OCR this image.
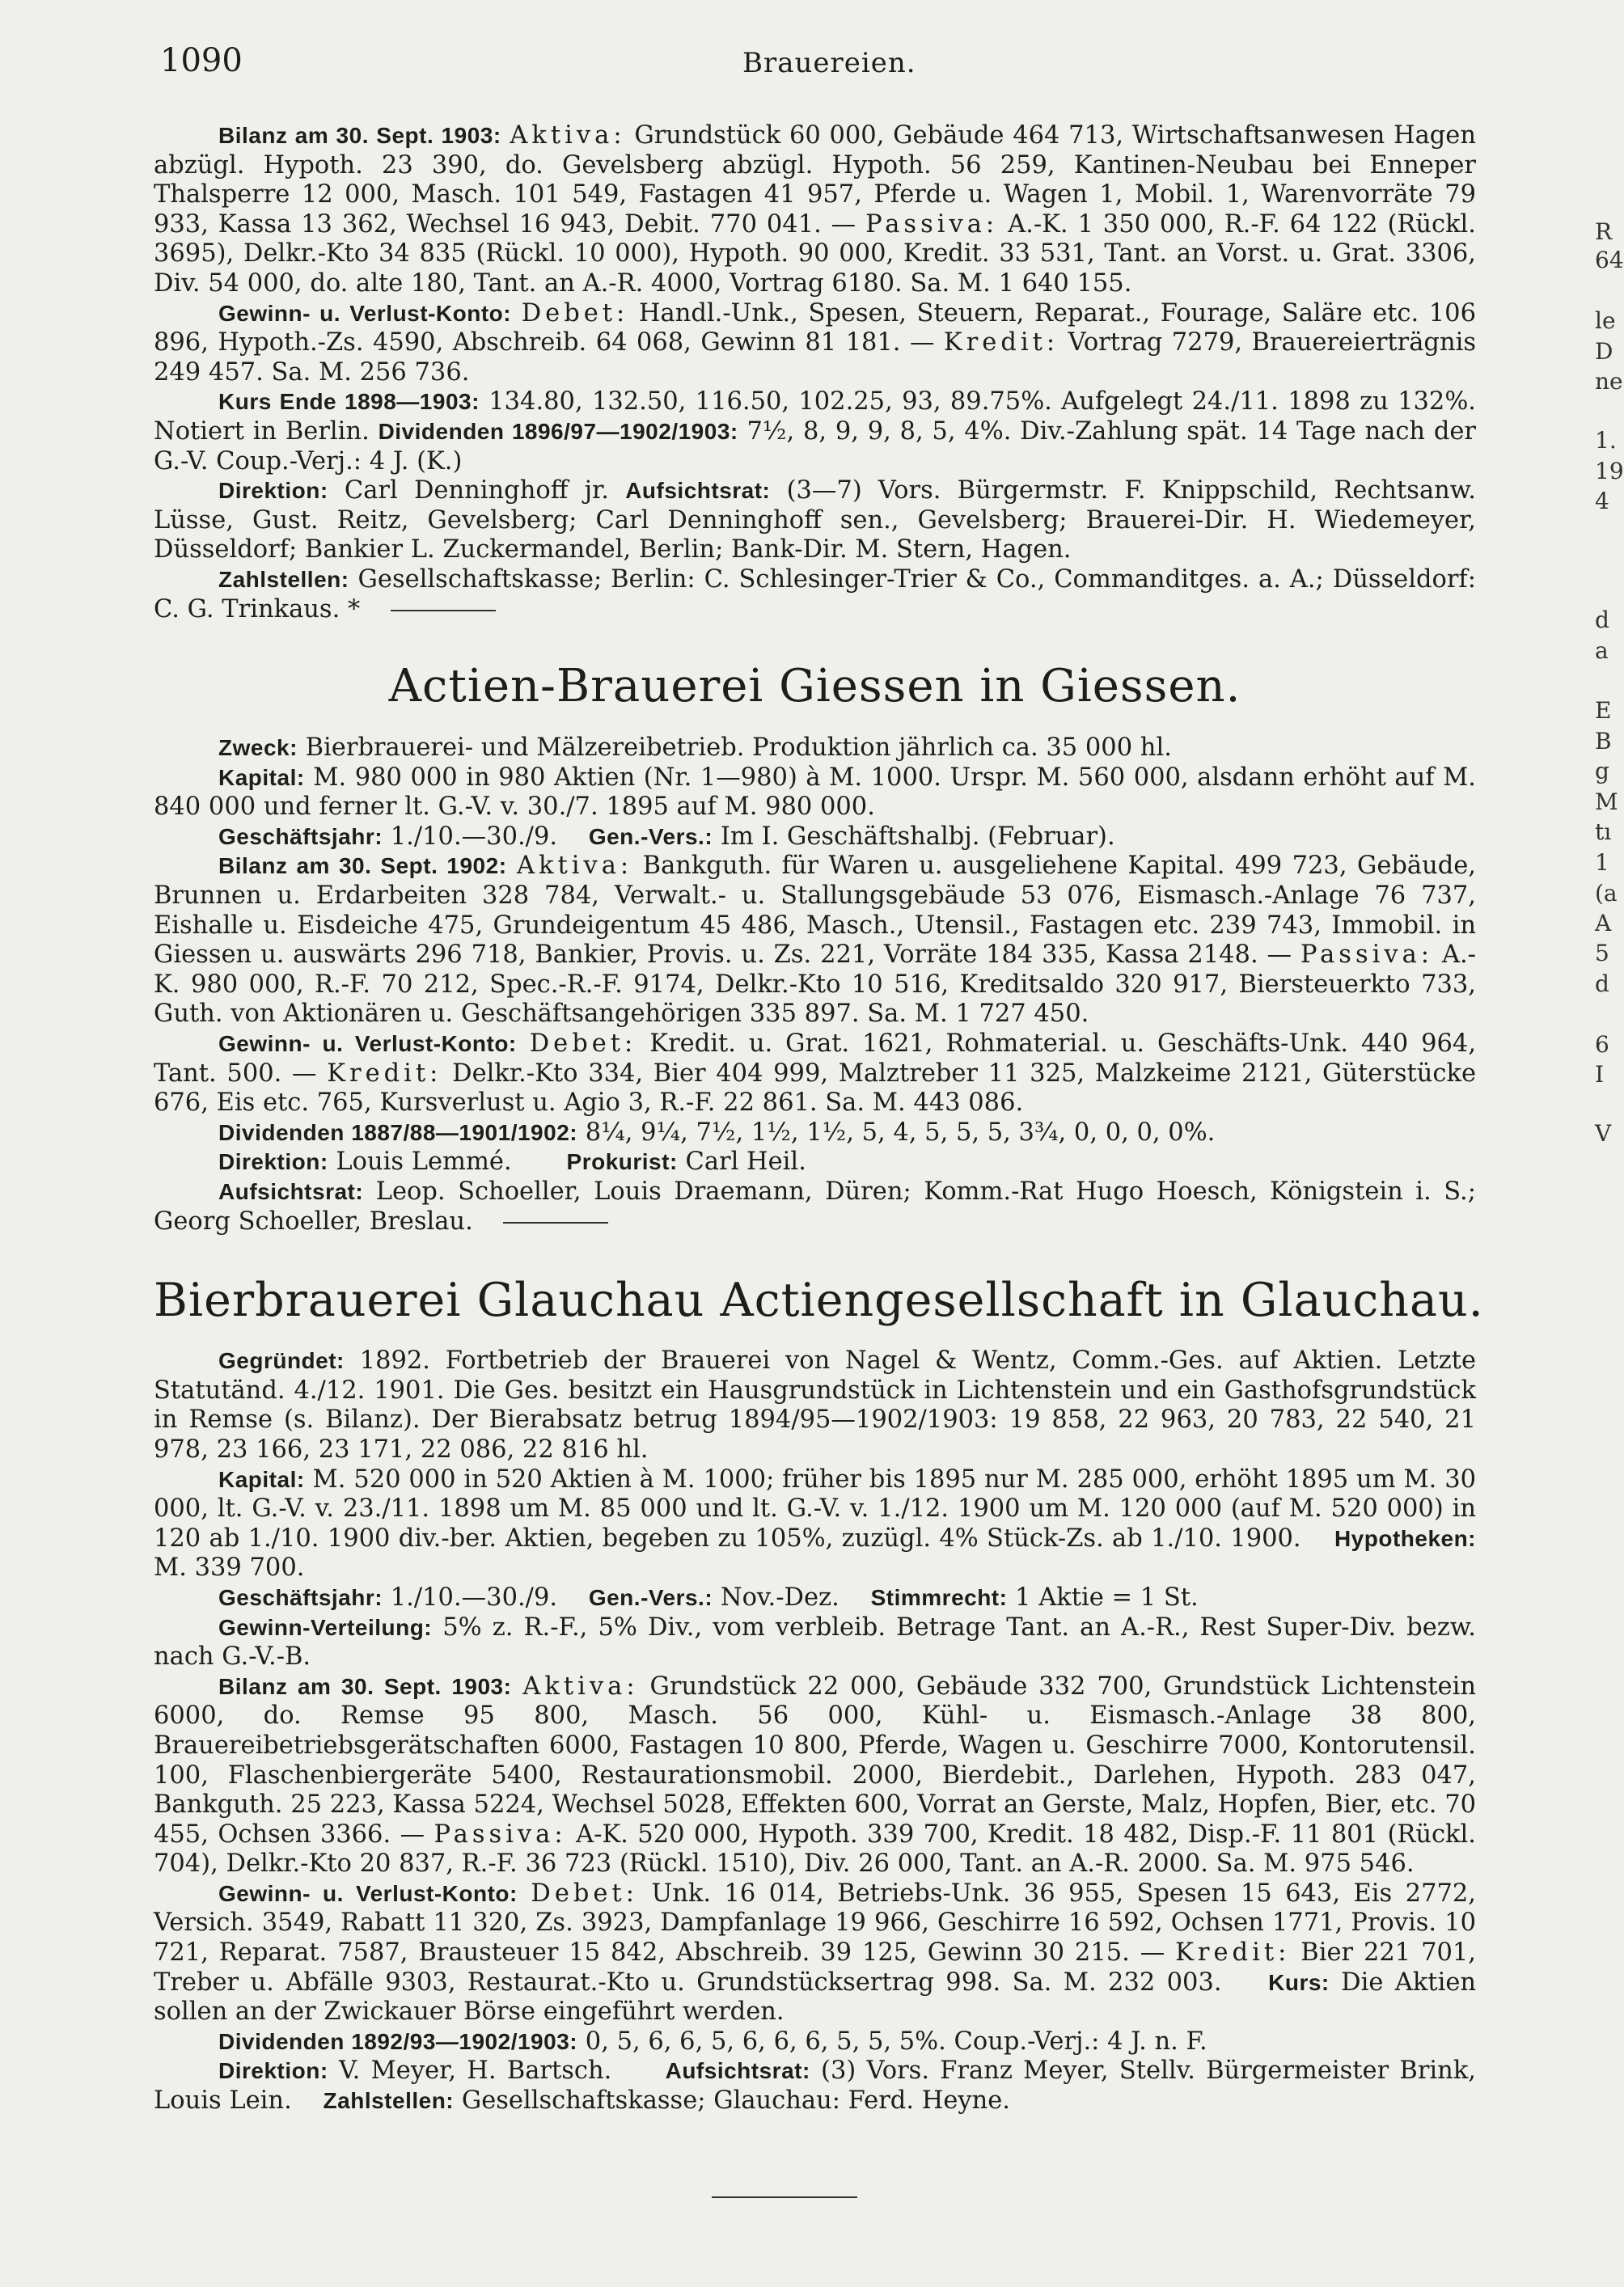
1090	Brauereien.

Bilanz am 30. Sept. 1903: Aktiva: Grundstück 60 000, Gebäude 464 713, Wirtschaftsanwesen Hagen abzügl. Hypoth. 23 390, do. Gevelsberg abzügl. Hypoth. 56 259, Kantinen-Neubau bei Enneper Thalsperre 12 000, Masch. 101 549, Fastagen 41 957, Pferde u. Wagen 1, Mobil. 1, Warenvorräte 79 933, Kassa 13 362, Wechsel 16 943, Debit. 770 041. — Passiva: A.-K. 1 350 000, R.-F. 64 122 (Rückl. 3695), Delkr.-Kto 34 835 (Rückl. 10 000), Hypoth. 90 000, Kredit. 33 531, Tant. an Vorst. u. Grat. 3306, Div. 54 000, do. alte 180, Tant. an A.-R. 4000, Vortrag 6180. Sa. M. 1 640 155.

Gewinn- u. Verlust-Konto: Debet: Handl.-Unk., Spesen, Steuern, Reparat., Fourage, Saläre etc. 106 896, Hypoth.-Zs. 4590, Abschreib. 64 068, Gewinn 81 181. — Kredit: Vortrag 7279, Brauereierträgnis 249 457. Sa. M. 256 736.

Kurs Ende 1898—1903: 134.80, 132.50, 116.50, 102.25, 93, 89.75%. Aufgelegt 24./11. 1898 zu 132%. Notiert in Berlin. Dividenden 1896/97—1902/1903: 7½, 8, 9, 9, 8, 5, 4%. Div.-Zahlung spät. 14 Tage nach der G.-V. Coup.-Verj.: 4 J. (K.)

Direktion: Carl Denninghoff jr. Aufsichtsrat: (3—7) Vors. Bürgermstr. F. Knippschild, Rechtsanw. Lüsse, Gust. Reitz, Gevelsberg; Carl Denninghoff sen., Gevelsberg; Brauerei-Dir. H. Wiedemeyer, Düsseldorf; Bankier L. Zuckermandel, Berlin; Bank-Dir. M. Stern, Hagen.

Zahlstellen: Gesellschaftskasse; Berlin: C. Schlesinger-Trier & Co., Commanditges. a. A.; Düsseldorf: C. G. Trinkaus. *

Actien-Brauerei Giessen in Giessen.

Zweck: Bierbrauerei- und Mälzereibetrieb. Produktion jährlich ca. 35 000 hl.

Kapital: M. 980 000 in 980 Aktien (Nr. 1—980) à M. 1000. Urspr. M. 560 000, alsdann erhöht auf M. 840 000 und ferner lt. G.-V. v. 30./7. 1895 auf M. 980 000.

Geschäftsjahr: 1./10.—30./9. Gen.-Vers.: Im I. Geschäftshalbj. (Februar).

Bilanz am 30. Sept. 1902: Aktiva: Bankguth. für Waren u. ausgeliehene Kapital. 499 723, Gebäude, Brunnen u. Erdarbeiten 328 784, Verwalt.- u. Stallungsgebäude 53 076, Eismasch.-Anlage 76 737, Eishalle u. Eisdeiche 475, Grundeigentum 45 486, Masch., Utensil., Fastagen etc. 239 743, Immobil. in Giessen u. auswärts 296 718, Bankier, Provis. u. Zs. 221, Vorräte 184 335, Kassa 2148. — Passiva: A.-K. 980 000, R.-F. 70 212, Spec.-R.-F. 9174, Delkr.-Kto 10 516, Kreditsaldo 320 917, Biersteuerkto 733, Guth. von Aktionären u. Geschäftsangehörigen 335 897. Sa. M. 1 727 450.

Gewinn- u. Verlust-Konto: Debet: Kredit. u. Grat. 1621, Rohmaterial. u. Geschäfts-Unk. 440 964, Tant. 500. — Kredit: Delkr.-Kto 334, Bier 404 999, Malztreber 11 325, Malzkeime 2121, Güterstücke 676, Eis etc. 765, Kursverlust u. Agio 3, R.-F. 22 861. Sa. M. 443 086.

Dividenden 1887/88—1901/1902: 8¼, 9¼, 7½, 1½, 1½, 5, 4, 5, 5, 5, 3¾, 0, 0, 0, 0%.

Direktion: Louis Lemmé. Prokurist: Carl Heil.

Aufsichtsrat: Leop. Schoeller, Louis Draemann, Düren; Komm.-Rat Hugo Hoesch, Königstein i. S.; Georg Schoeller, Breslau.

Bierbrauerei Glauchau Actiengesellschaft in Glauchau.

Gegründet: 1892. Fortbetrieb der Brauerei von Nagel & Wentz, Comm.-Ges. auf Aktien. Letzte Statutänd. 4./12. 1901. Die Ges. besitzt ein Hausgrundstück in Lichtenstein und ein Gasthofsgrundstück in Remse (s. Bilanz). Der Bierabsatz betrug 1894/95—1902/1903: 19 858, 22 963, 20 783, 22 540, 21 978, 23 166, 23 171, 22 086, 22 816 hl.

Kapital: M. 520 000 in 520 Aktien à M. 1000; früher bis 1895 nur M. 285 000, erhöht 1895 um M. 30 000, lt. G.-V. v. 23./11. 1898 um M. 85 000 und lt. G.-V. v. 1./12. 1900 um M. 120 000 (auf M. 520 000) in 120 ab 1./10. 1900 div.-ber. Aktien, begeben zu 105%, zuzügl. 4% Stück-Zs. ab 1./10. 1900. Hypotheken: M. 339 700.

Geschäftsjahr: 1./10.—30./9. Gen.-Vers.: Nov.-Dez. Stimmrecht: 1 Aktie = 1 St.

Gewinn-Verteilung: 5% z. R.-F., 5% Div., vom verbleib. Betrage Tant. an A.-R., Rest Super-Div. bezw. nach G.-V.-B.

Bilanz am 30. Sept. 1903: Aktiva: Grundstück 22 000, Gebäude 332 700, Grundstück Lichtenstein 6000, do. Remse 95 800, Masch. 56 000, Kühl- u. Eismasch.-Anlage 38 800, Brauereibetriebsgerätschaften 6000, Fastagen 10 800, Pferde, Wagen u. Geschirre 7000, Kontorutensil. 100, Flaschenbiergeräte 5400, Restaurationsmobil. 2000, Bierdebit., Darlehen, Hypoth. 283 047, Bankguth. 25 223, Kassa 5224, Wechsel 5028, Effekten 600, Vorrat an Gerste, Malz, Hopfen, Bier, etc. 70 455, Ochsen 3366. — Passiva: A-K. 520 000, Hypoth. 339 700, Kredit. 18 482, Disp.-F. 11 801 (Rückl. 704), Delkr.-Kto 20 837, R.-F. 36 723 (Rückl. 1510), Div. 26 000, Tant. an A.-R. 2000. Sa. M. 975 546.

Gewinn- u. Verlust-Konto: Debet: Unk. 16 014, Betriebs-Unk. 36 955, Spesen 15 643, Eis 2772, Versich. 3549, Rabatt 11 320, Zs. 3923, Dampfanlage 19 966, Geschirre 16 592, Ochsen 1771, Provis. 10 721, Reparat. 7587, Brausteuer 15 842, Abschreib. 39 125, Gewinn 30 215. — Kredit: Bier 221 701, Treber u. Abfälle 9303, Restaurat.-Kto u. Grundstücksertrag 998. Sa. M. 232 003. Kurs: Die Aktien sollen an der Zwickauer Börse eingeführt werden.

Dividenden 1892/93—1902/1903: 0, 5, 6, 6, 5, 6, 6, 6, 5, 5, 5%. Coup.-Verj.: 4 J. n. F.

Direktion: V. Meyer, H. Bartsch. Aufsichtsrat: (3) Vors. Franz Meyer, Stellv. Bürgermeister Brink, Louis Lein. Zahlstellen: Gesellschaftskasse; Glauchau: Ferd. Heyne.

R
64
le
D
ne
1.
19
4
d
a
E
B
g
M
tı
1
(a
A
5
d
6
I
V
